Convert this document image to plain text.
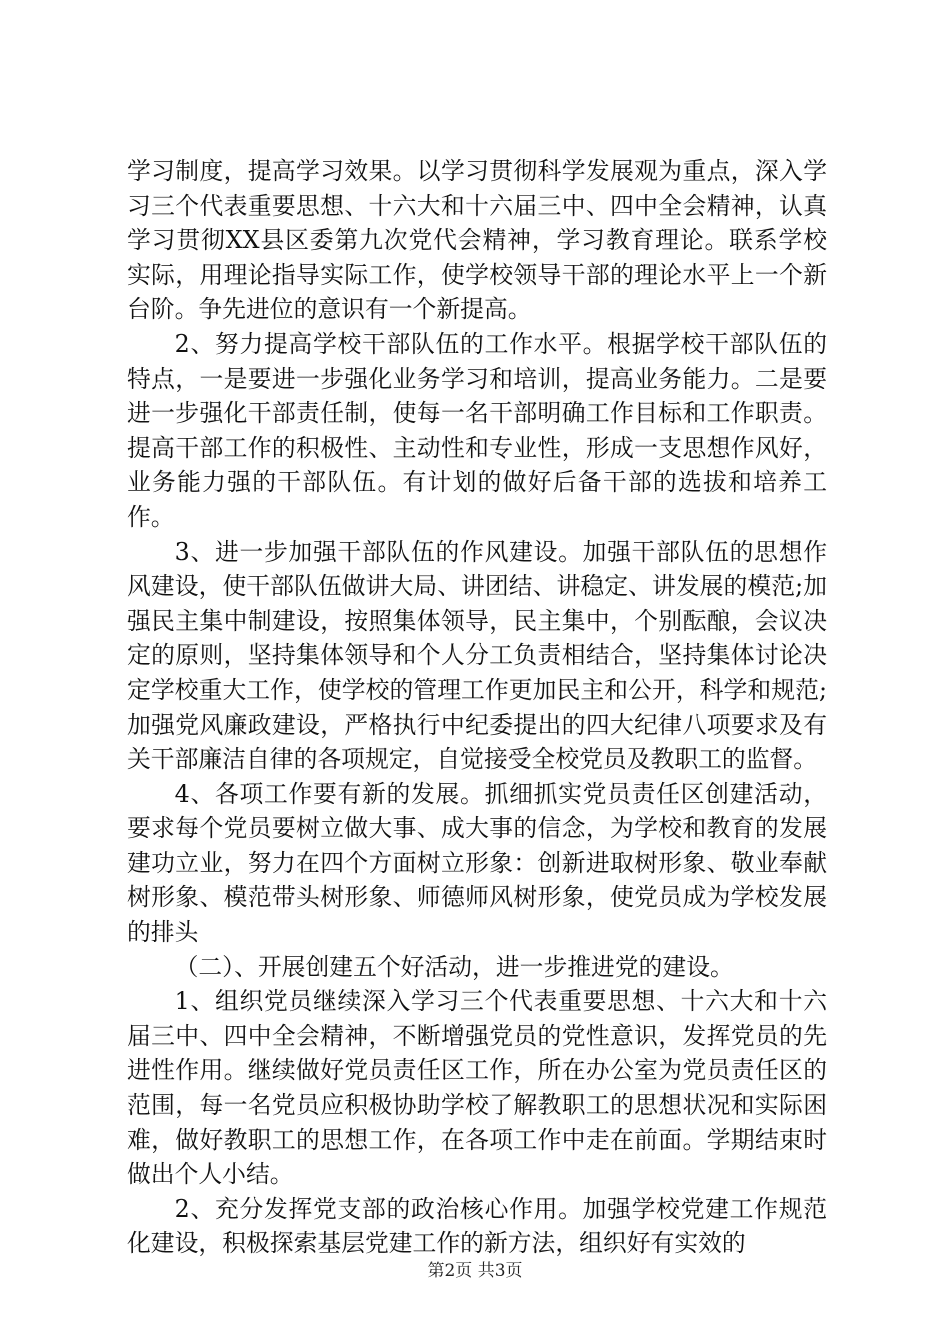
学习制度，提高学习效果。以学习贯彻科学发展观为重点，深入学习三个代表重要思想、十六大和十六届三中、四中全会精神，认真学习贯彻XX县区委第九次党代会精神，学习教育理论。联系学校实际，用理论指导实际工作，使学校领导干部的理论水平上一个新台阶。争先进位的意识有一个新提高。

2、努力提高学校干部队伍的工作水平。根据学校干部队伍的特点，一是要进一步强化业务学习和培训，提高业务能力。二是要进一步强化干部责任制，使每一名干部明确工作目标和工作职责。提高干部工作的积极性、主动性和专业性，形成一支思想作风好，业务能力强的干部队伍。有计划的做好后备干部的选拔和培养工作。

3、进一步加强干部队伍的作风建设。加强干部队伍的思想作风建设，使干部队伍做讲大局、讲团结、讲稳定、讲发展的模范;加强民主集中制建设，按照集体领导，民主集中，个别酝酿，会议决定的原则，坚持集体领导和个人分工负责相结合，坚持集体讨论决定学校重大工作，使学校的管理工作更加民主和公开，科学和规范;加强党风廉政建设，严格执行中纪委提出的四大纪律八项要求及有关干部廉洁自律的各项规定，自觉接受全校党员及教职工的监督。

4、各项工作要有新的发展。抓细抓实党员责任区创建活动，要求每个党员要树立做大事、成大事的信念，为学校和教育的发展建功立业，努力在四个方面树立形象：创新进取树形象、敬业奉献树形象、模范带头树形象、师德师风树形象，使党员成为学校发展的排头

（二）、开展创建五个好活动，进一步推进党的建设。

1、组织党员继续深入学习三个代表重要思想、十六大和十六届三中、四中全会精神，不断增强党员的党性意识，发挥党员的先进性作用。继续做好党员责任区工作，所在办公室为党员责任区的范围，每一名党员应积极协助学校了解教职工的思想状况和实际困难，做好教职工的思想工作，在各项工作中走在前面。学期结束时做出个人小结。

2、充分发挥党支部的政治核心作用。加强学校党建工作规范化建设，积极探索基层党建工作的新方法，组织好有实效的

第2页 共3页
